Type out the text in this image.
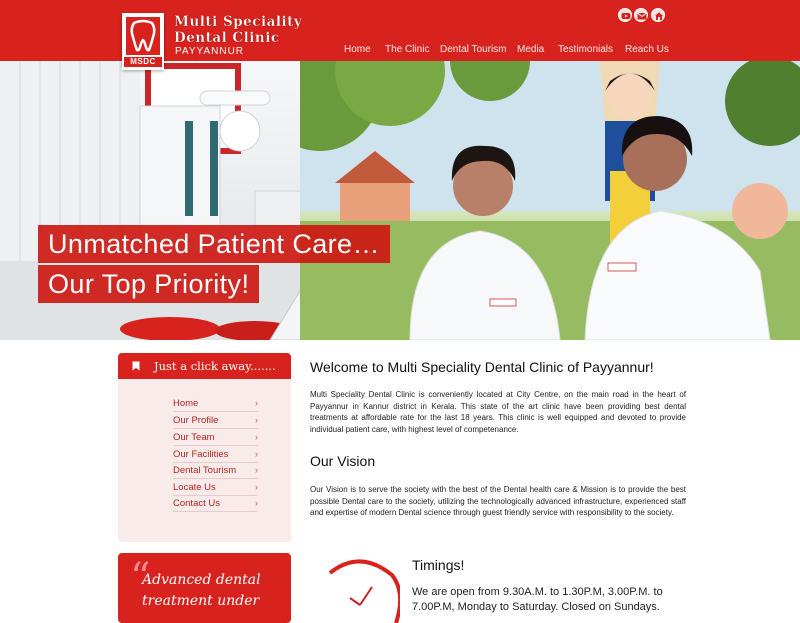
Multi Speciality
Dental Clinic
PAYYANNUR	Home The Clinic Dental Tourism Media Testimonials Reach Us
Unmatched Patient Care…
Our Top Priority!
MSDC
Just a click away.......
Home	›
Our Profile	›
Our Team	›
Our Facilities	›
Dental Tourism ›
Locate Us	›
Contact Us	›
“
Advanced dental treatment under
Welcome to Multi Speciality Dental Clinic of Payyannur!
Multi Speciality Dental Clinic is conveniently located at City Centre, on the main road in the heart of Payyannur in Kannur district in Kerala. This state of the art clinic have been providing best dental treatments at affordable rate for the last 18 years. This clinic is well equipped and devoted to provide individual patient care, with highest level of competenance.
Our Vision
Our Vision is to serve the society with the best of the Dental health care & Mission is to provide the best possible Dental care to the society, utilizing the technologically advanced infrastructure, experienced staff and expertise of modern Dental science through guest friendly service with responsibility to the society.
Timings!
We are open from 9.30A.M. to 1.30P.M, 3.00P.M. to 7.00P.M, Monday to Saturday. Closed on Sundays.
